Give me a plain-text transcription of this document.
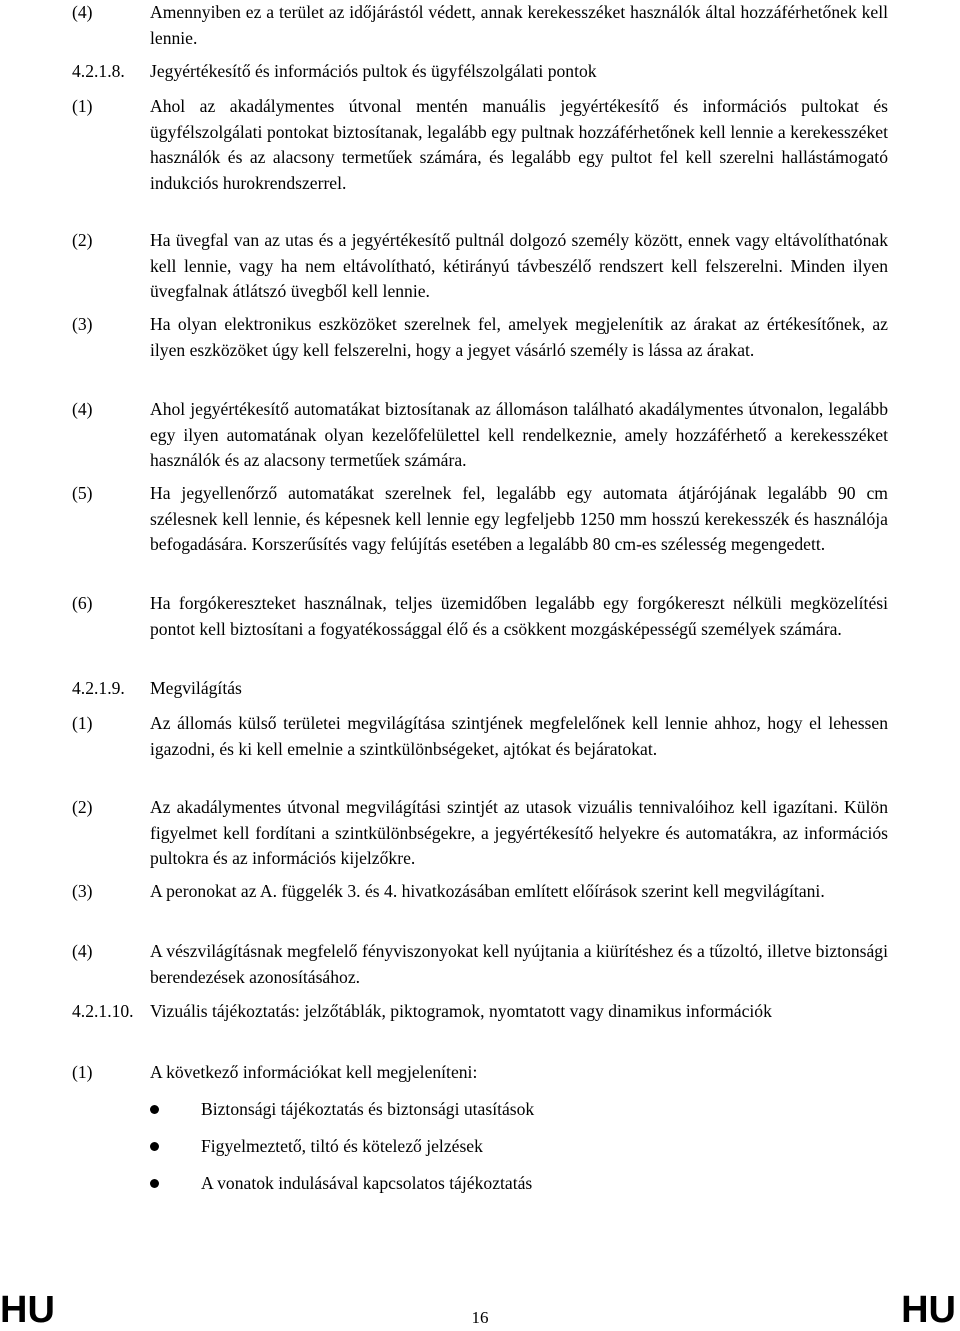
(4)	Amennyiben ez a terület az időjárástól védett, annak kerekesszéket használók által hozzáférhetőnek kell lennie.
4.2.1.8.	Jegyértékesítő és információs pultok és ügyfélszolgálati pontok
(1)	Ahol az akadálymentes útvonal mentén manuális jegyértékesítő és információs pultokat és ügyfélszolgálati pontokat biztosítanak, legalább egy pultnak hozzáférhetőnek kell lennie a kerekesszéket használók és az alacsony termetűek számára, és legalább egy pultot fel kell szerelni hallástámogató indukciós hurokrendszerrel.
(2)	Ha üvegfal van az utas és a jegyértékesítő pultnál dolgozó személy között, ennek vagy eltávolíthatónak kell lennie, vagy ha nem eltávolítható, kétirányú távbeszélő rendszert kell felszerelni. Minden ilyen üvegfalnak átlátszó üvegből kell lennie.
(3)	Ha olyan elektronikus eszközöket szerelnek fel, amelyek megjelenítik az árakat az értékesítőnek, az ilyen eszközöket úgy kell felszerelni, hogy a jegyet vásárló személy is lássa az árakat.
(4)	Ahol jegyértékesítő automatákat biztosítanak az állomáson található akadálymentes útvonalon, legalább egy ilyen automatának olyan kezelőfelülettel kell rendelkeznie, amely hozzáférhető a kerekesszéket használók és az alacsony termetűek számára.
(5)	Ha jegyellenőrző automatákat szerelnek fel, legalább egy automata átjárójának legalább 90 cm szélesnek kell lennie, és képesnek kell lennie egy legfeljebb 1250 mm hosszú kerekesszék és használója befogadására. Korszerűsítés vagy felújítás esetében a legalább 80 cm-es szélesség megengedett.
(6)	Ha forgókereszteket használnak, teljes üzemidőben legalább egy forgókereszt nélküli megközelítési pontot kell biztosítani a fogyatékossággal élő és a csökkent mozgásképességű személyek számára.
4.2.1.9.	Megvilágítás
(1)	Az állomás külső területei megvilágítása szintjének megfelelőnek kell lennie ahhoz, hogy el lehessen igazodni, és ki kell emelnie a szintkülönbségeket, ajtókat és bejáratokat.
(2)	Az akadálymentes útvonal megvilágítási szintjét az utasok vizuális tennivalóihoz kell igazítani. Külön figyelmet kell fordítani a szintkülönbségekre, a jegyértékesítő helyekre és automatákra, az információs pultokra és az információs kijelzőkre.
(3)	A peronokat az A. függelék 3. és 4. hivatkozásában említett előírások szerint kell megvilágítani.
(4)	A vészvilágításnak megfelelő fényviszonyokat kell nyújtania a kiürítéshez és a tűzoltó, illetve biztonsági berendezések azonosításához.
4.2.1.10. Vizuális tájékoztatás: jelzőtáblák, piktogramok, nyomtatott vagy dinamikus információk
(1)	A következő információkat kell megjeleníteni:
Biztonsági tájékoztatás és biztonsági utasítások
Figyelmeztető, tiltó és kötelező jelzések
A vonatok indulásával kapcsolatos tájékoztatás
HU	16	HU
